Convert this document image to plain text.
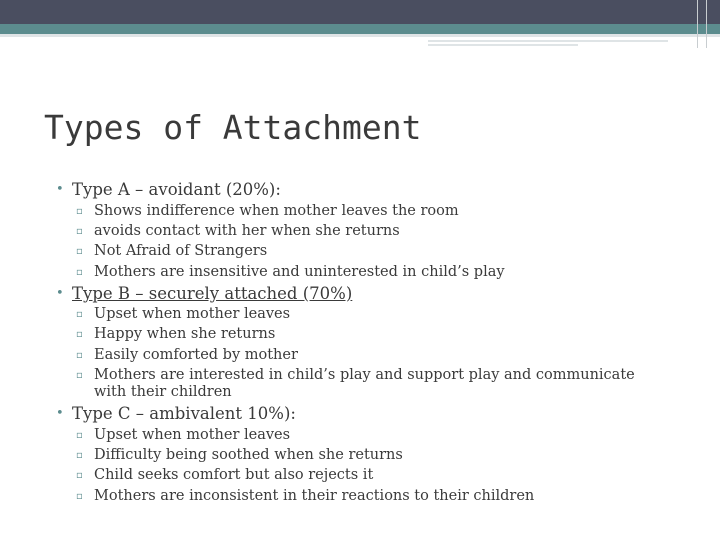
Types of Attachment
• Type A – avoidant (20%):
▫ Shows indifference when mother leaves the room
▫ avoids contact with her when she returns
▫ Not Afraid of Strangers
▫ Mothers are insensitive and uninterested in child’s play
• Type B – securely attached (70%)
▫ Upset when mother leaves
▫ Happy when she returns
▫ Easily comforted by mother
▫ Mothers are interested in child’s play and support play and communicate
with their children
• Type C – ambivalent 10%):
▫ Upset when mother leaves
▫ Difficulty being soothed when she returns
▫ Child seeks comfort but also rejects it
▫ Mothers are inconsistent in their reactions to their children
